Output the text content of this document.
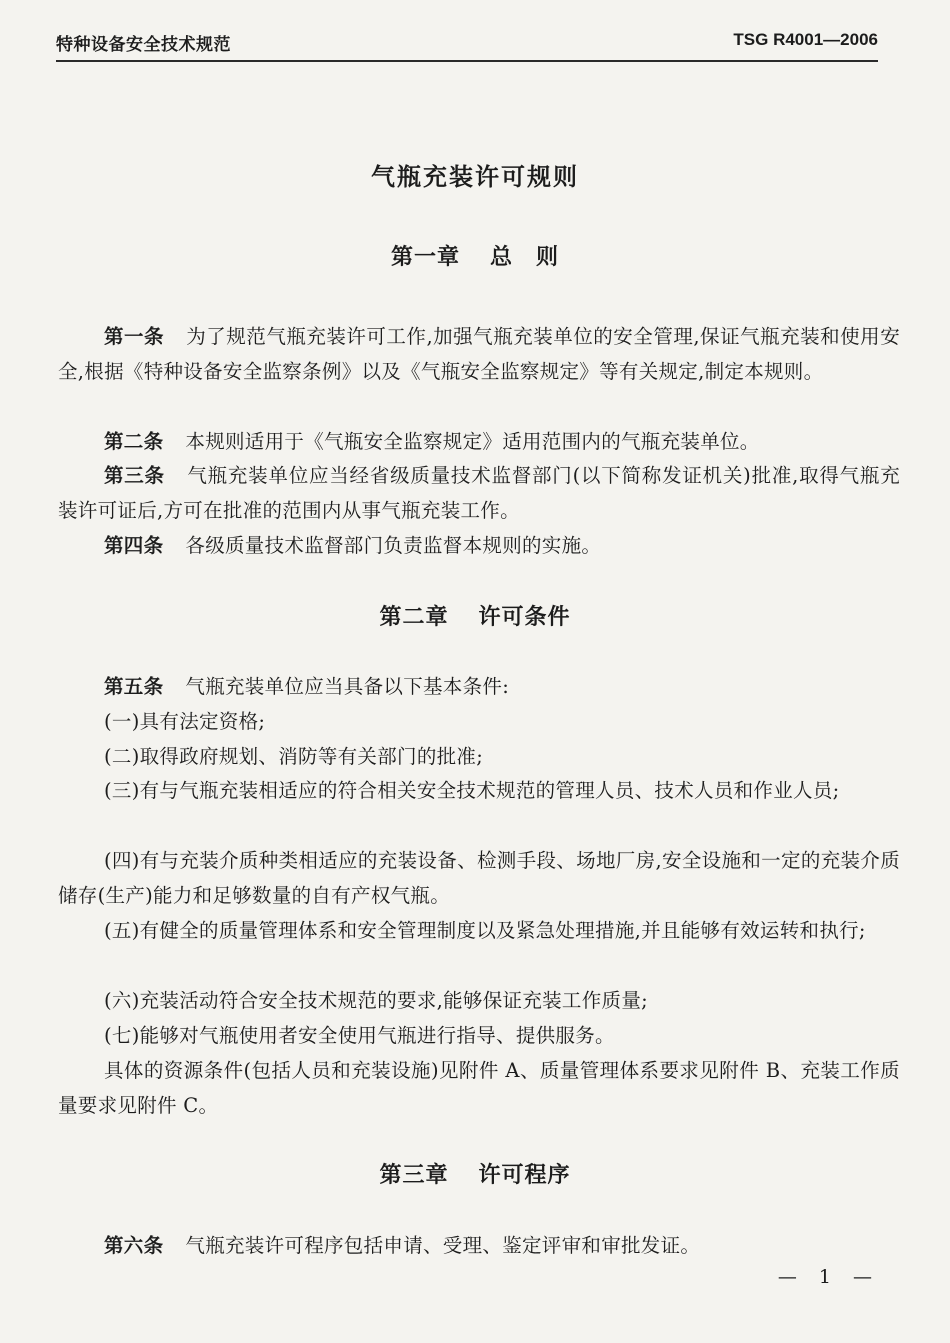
特种设备安全技术规范	TSG R4001—2006
气瓶充装许可规则
第一章 总　则

第一条 为了规范气瓶充装许可工作,加强气瓶充装单位的安全管理,保证气瓶充装和使用安全,根据《特种设备安全监察条例》以及《气瓶安全监察规定》等有关规定,制定本规则。

第二条 本规则适用于《气瓶安全监察规定》适用范围内的气瓶充装单位。

第三条 气瓶充装单位应当经省级质量技术监督部门(以下简称发证机关)批准,取得气瓶充装许可证后,方可在批准的范围内从事气瓶充装工作。

第四条 各级质量技术监督部门负责监督本规则的实施。

第二章 许可条件

第五条 气瓶充装单位应当具备以下基本条件:

(一)具有法定资格;

(二)取得政府规划、消防等有关部门的批准;

(三)有与气瓶充装相适应的符合相关安全技术规范的管理人员、技术人员和作业人员;

(四)有与充装介质种类相适应的充装设备、检测手段、场地厂房,安全设施和一定的充装介质储存(生产)能力和足够数量的自有产权气瓶。

(五)有健全的质量管理体系和安全管理制度以及紧急处理措施,并且能够有效运转和执行;

(六)充装活动符合安全技术规范的要求,能够保证充装工作质量;

(七)能够对气瓶使用者安全使用气瓶进行指导、提供服务。

具体的资源条件(包括人员和充装设施)见附件 A、质量管理体系要求见附件 B、充装工作质量要求见附件 C。

第三章 许可程序

第六条 气瓶充装许可程序包括申请、受理、鉴定评审和审批发证。

— 1 —
